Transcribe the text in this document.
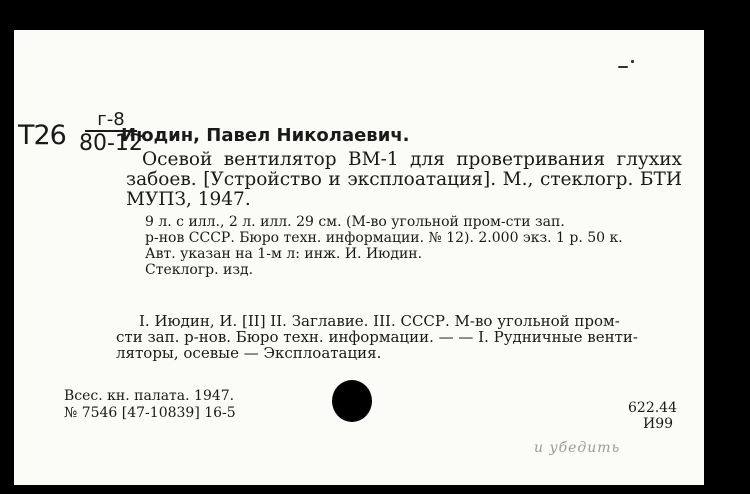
T26
г-8
80-12
Июдин, Павел Николаевич.
Осевой вентилятор ВМ-1 для проветривания глухих забоев. [Устройство и эксплоатация]. М., стеклогр. БТИ МУПЗ, 1947.
9 л. с илл., 2 л. илл. 29 см. (М-во угольной пром-сти зап.
р-нов СССР. Бюро техн. информации. № 12). 2.000 экз. 1 р. 50 к.
Авт. указан на 1-м л: инж. И. Июдин.
Стеклогр. изд.
I. Июдин, И. [II] II. Заглавие. III. СССР. М-во угольной пром-
сти зап. р-нов. Бюро техн. информации. — — I. Рудничные венти-
ляторы, осевые — Эксплоатация.
Всес. кн. палата. 1947.
№ 7546 [47-10839] 16-5	622.44
И99
и убедить
